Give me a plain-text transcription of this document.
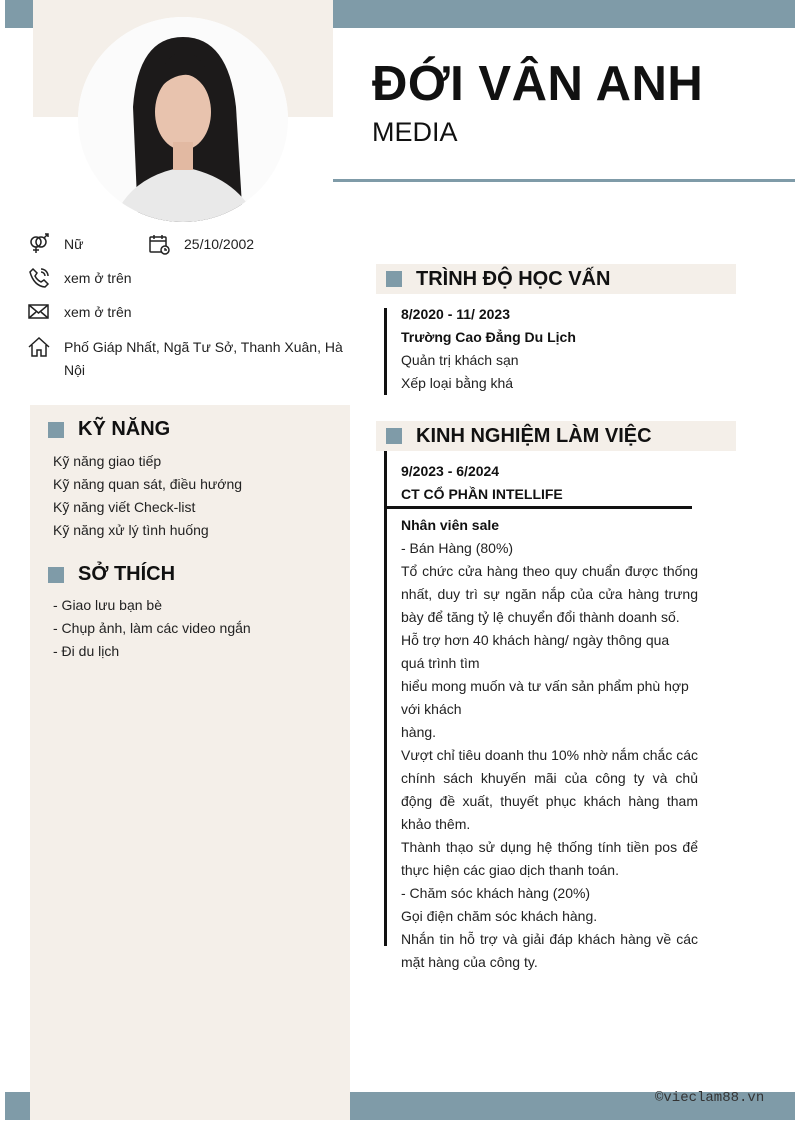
ĐỚI VÂN ANH
MEDIA
Nữ	25/10/2002
xem ở trên
xem ở trên
Phố Giáp Nhất, Ngã Tư Sở, Thanh Xuân, Hà Nội
KỸ NĂNG
Kỹ năng giao tiếp
Kỹ năng quan sát, điều hướng
Kỹ năng viết Check-list
Kỹ năng xử lý tình huống
SỞ THÍCH
- Giao lưu bạn bè
- Chụp ảnh, làm các video ngắn
- Đi du lịch
TRÌNH ĐỘ HỌC VẤN
8/2020 - 11/ 2023
Trường Cao Đẳng Du Lịch
Quản trị khách sạn
Xếp loại bằng khá
KINH NGHIỆM LÀM VIỆC
9/2023 - 6/2024
CT CỔ PHẦN INTELLIFE
Nhân viên sale
- Bán Hàng (80%)
Tổ chức cửa hàng theo quy chuẩn được thống nhất, duy trì sự ngăn nắp của cửa hàng trưng bày để tăng tỷ lệ chuyển đổi thành doanh số.
Hỗ trợ hơn 40 khách hàng/ ngày thông qua quá trình tìm
hiểu mong muốn và tư vấn sản phẩm phù hợp với khách
hàng.
Vượt chỉ tiêu doanh thu 10% nhờ nắm chắc các chính sách khuyến mãi của công ty và chủ động đề xuất, thuyết phục khách hàng tham khảo thêm.
Thành thạo sử dụng hệ thống tính tiền pos để thực hiện các giao dịch thanh toán.
- Chăm sóc khách hàng (20%)
Gọi điện chăm sóc khách hàng.
Nhắn tin hỗ trợ và giải đáp khách hàng về các mặt hàng của công ty.
©vieclam88.vn
